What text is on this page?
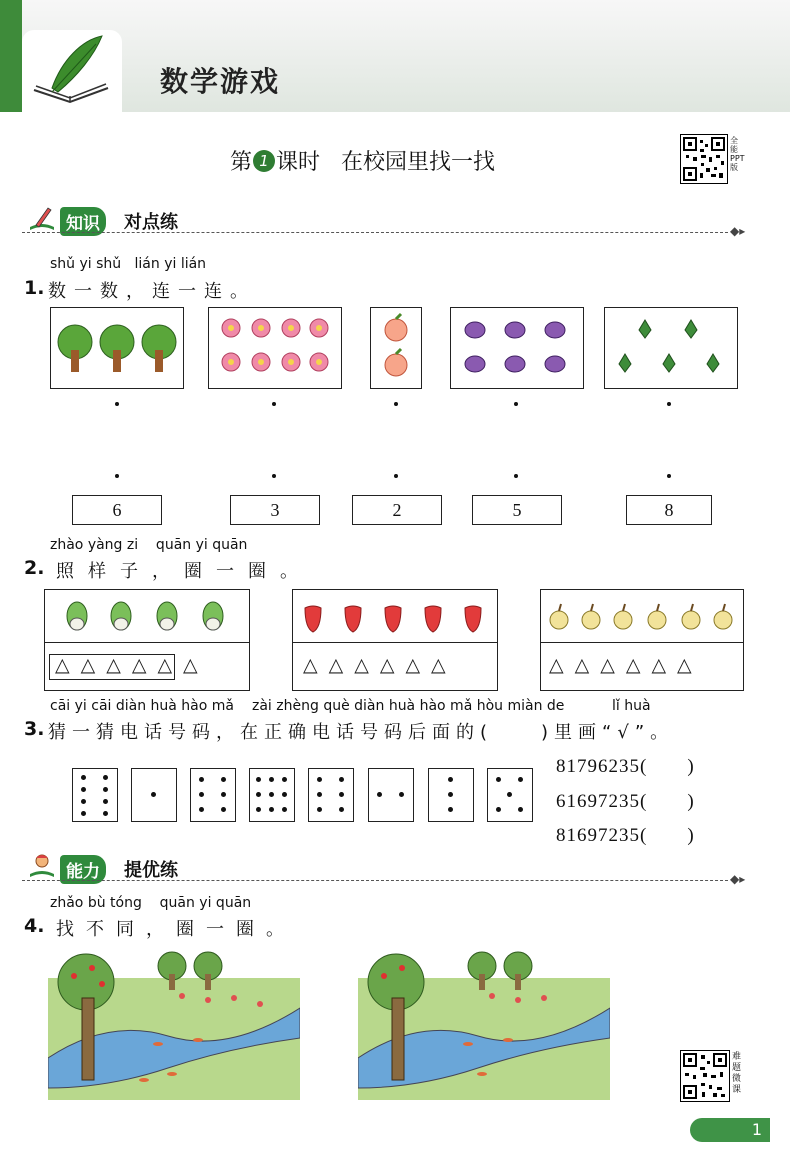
数学游戏
第 1 课时 在校园里找一找
全能PPT版
知识	对点练	◆▸
shǔ yi shǔ   lián yi lián
1. 数一数，连一连。
6	3	2	5	8
zhào yàng zi    quān yi quān
2. 照样子，圈一圈。
△△△△△△	△△△△△△	△△△△△△
cāi yi cāi diàn huà hào mǎ zài zhèng què diàn huà hào mǎ hòu miàn de	lǐ huà
3. 猜一猜电话号码，在正确电话号码后面的(　　)里画“√”。
81796235(　　)
61697235(　　)
81697235(　　)
能力	提优练	◆▸
zhǎo bù tóng    quān yi quān
4. 找不同，圈一圈。
难题微课
1
